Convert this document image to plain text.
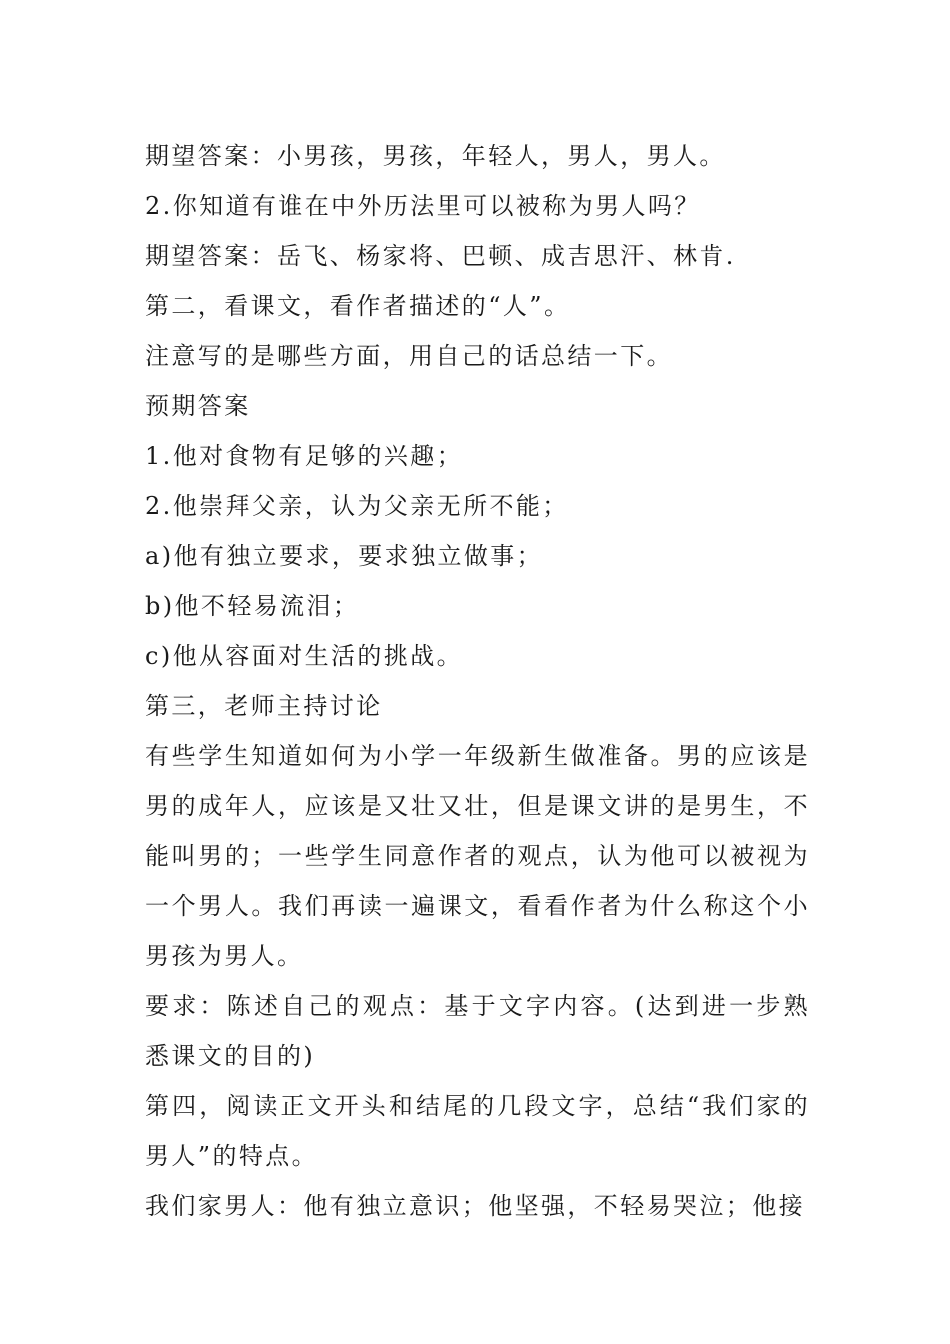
期望答案：小男孩，男孩，年轻人，男人，男人。
2.你知道有谁在中外历法里可以被称为男人吗？
期望答案：岳飞、杨家将、巴顿、成吉思汗、林肯.
第二，看课文，看作者描述的“人”。
注意写的是哪些方面，用自己的话总结一下。
预期答案
1.他对食物有足够的兴趣；
2.他崇拜父亲，认为父亲无所不能；
a)他有独立要求，要求独立做事；
b)他不轻易流泪；
c)他从容面对生活的挑战。
第三，老师主持讨论
有些学生知道如何为小学一年级新生做准备。男的应该是男的成年人，应该是又壮又壮，但是课文讲的是男生，不能叫男的；一些学生同意作者的观点，认为他可以被视为一个男人。我们再读一遍课文，看看作者为什么称这个小男孩为男人。
要求：陈述自己的观点：基于文字内容。(达到进一步熟悉课文的目的)
第四，阅读正文开头和结尾的几段文字，总结“我们家的男人”的特点。
我们家男人：他有独立意识；他坚强，不轻易哭泣；他接
